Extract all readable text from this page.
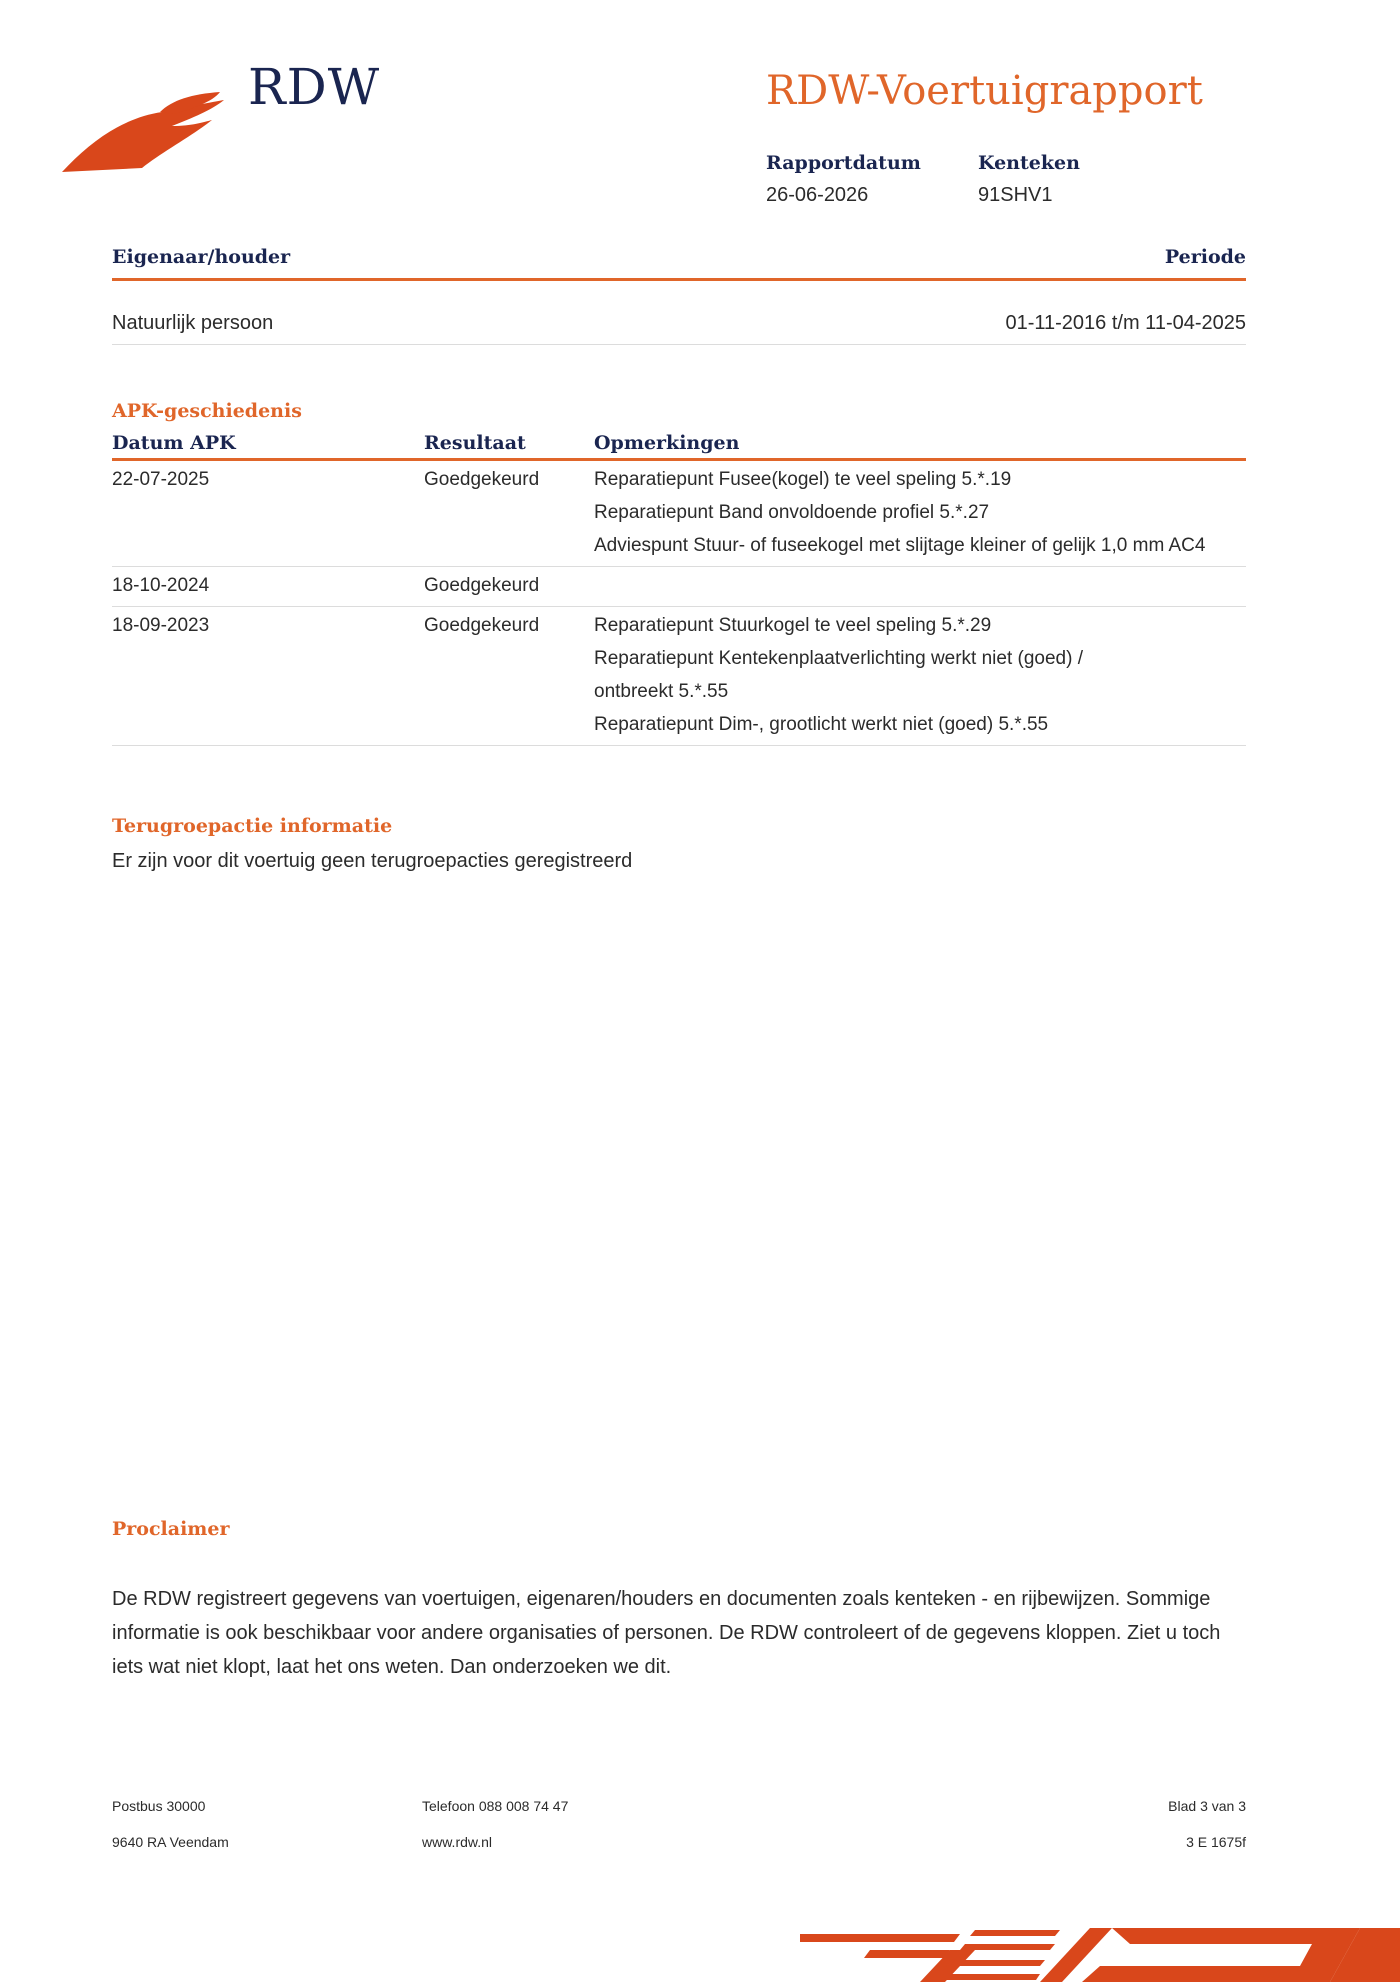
RDW	RDW-Voertuigrapport
Rapportdatum
26-06-2026
Kenteken
91SHV1
Eigenaar/houder	Periode
Natuurlijk persoon	01-11-2016 t/m 11-04-2025
APK-geschiedenis
Datum APK	Resultaat	Opmerkingen
22-07-2025	Goedgekeurd	Reparatiepunt Fusee(kogel) te veel speling 5.*.19
Reparatiepunt Band onvoldoende profiel 5.*.27
Adviespunt Stuur- of fuseekogel met slijtage kleiner of gelijk 1,0 mm AC4

18-10-2024	Goedgekeurd	
18-09-2023	Goedgekeurd	Reparatiepunt Stuurkogel te veel speling 5.*.29
Reparatiepunt Kentekenplaatverlichting werkt niet (goed) / ontbreekt 5.*.55
Reparatiepunt Dim-, grootlicht werkt niet (goed) 5.*.55
Terugroepactie informatie
Er zijn voor dit voertuig geen terugroepacties geregistreerd
Proclaimer
De RDW registreert gegevens van voertuigen, eigenaren/houders en documenten zoals kenteken - en rijbewijzen. Sommige informatie is ook beschikbaar voor andere organisaties of personen. De RDW controleert of de gegevens kloppen. Ziet u toch iets wat niet klopt, laat het ons weten. Dan onderzoeken we dit.
Postbus 30000
9640 RA Veendam
Telefoon 088 008 74 47
www.rdw.nl
Blad 3 van 3
3 E 1675f
